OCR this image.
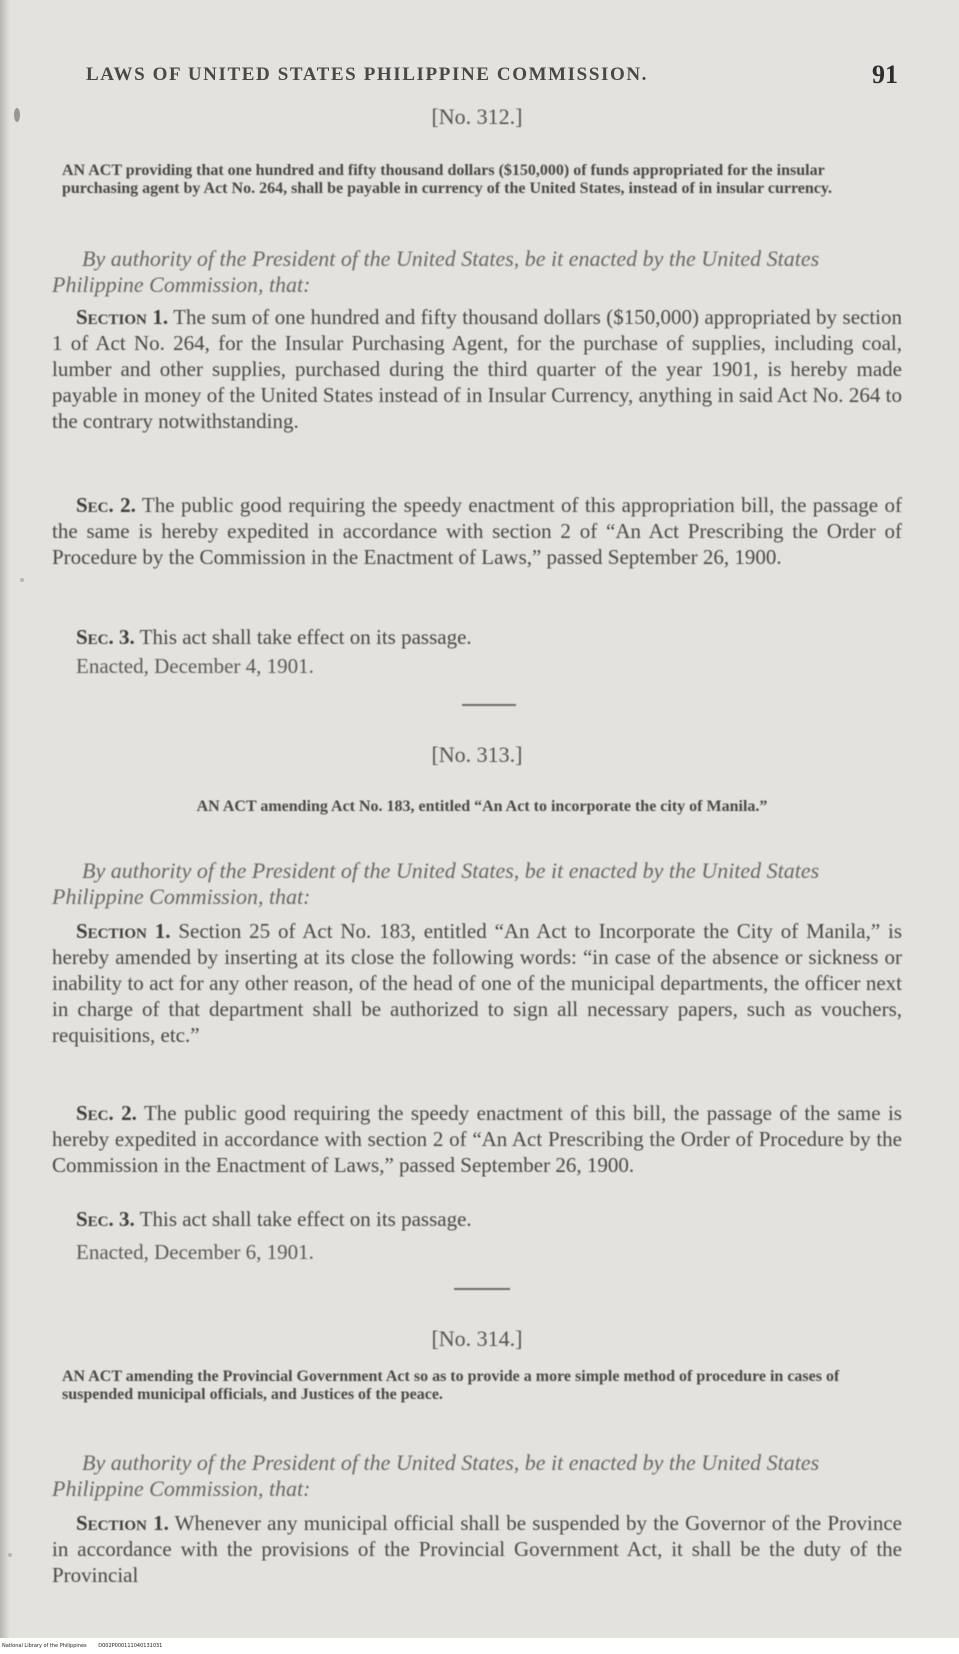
LAWS OF UNITED STATES PHILIPPINE COMMISSION.	91
[No. 312.]
AN ACT providing that one hundred and fifty thousand dollars ($150,000) of funds appropriated for the insular purchasing agent by Act No. 264, shall be payable in currency of the United States, instead of in insular currency.
By authority of the President of the United States, be it enacted by the United States Philippine Commission, that:
Section 1. The sum of one hundred and fifty thousand dollars ($150,000) appropriated by section 1 of Act No. 264, for the Insular Purchasing Agent, for the purchase of supplies, including coal, lumber and other supplies, purchased during the third quarter of the year 1901, is hereby made payable in money of the United States instead of in Insular Currency, anything in said Act No. 264 to the contrary notwithstanding.
Sec. 2. The public good requiring the speedy enactment of this appropriation bill, the passage of the same is hereby expedited in accordance with section 2 of “An Act Prescribing the Order of Procedure by the Commission in the Enactment of Laws,” passed September 26, 1900.
Sec. 3. This act shall take effect on its passage.
Enacted, December 4, 1901.
[No. 313.]
AN ACT amending Act No. 183, entitled “An Act to incorporate the city of Manila.”
By authority of the President of the United States, be it enacted by the United States Philippine Commission, that:
Section 1. Section 25 of Act No. 183, entitled “An Act to Incorporate the City of Manila,” is hereby amended by inserting at its close the following words: “in case of the absence or sickness or inability to act for any other reason, of the head of one of the municipal departments, the officer next in charge of that department shall be authorized to sign all necessary papers, such as vouchers, requisitions, etc.”
Sec. 2. The public good requiring the speedy enactment of this bill, the passage of the same is hereby expedited in accordance with section 2 of “An Act Prescribing the Order of Procedure by the Commission in the Enactment of Laws,” passed September 26, 1900.
Sec. 3. This act shall take effect on its passage.
Enacted, December 6, 1901.
[No. 314.]
AN ACT amending the Provincial Government Act so as to provide a more simple method of procedure in cases of suspended municipal officials, and Justices of the peace.
By authority of the President of the United States, be it enacted by the United States Philippine Commission, that:
Section 1. Whenever any municipal official shall be suspended by the Governor of the Province in accordance with the provisions of the Provincial Government Act, it shall be the duty of the Provincial
National Library of the Philippines D002P000111040131031
